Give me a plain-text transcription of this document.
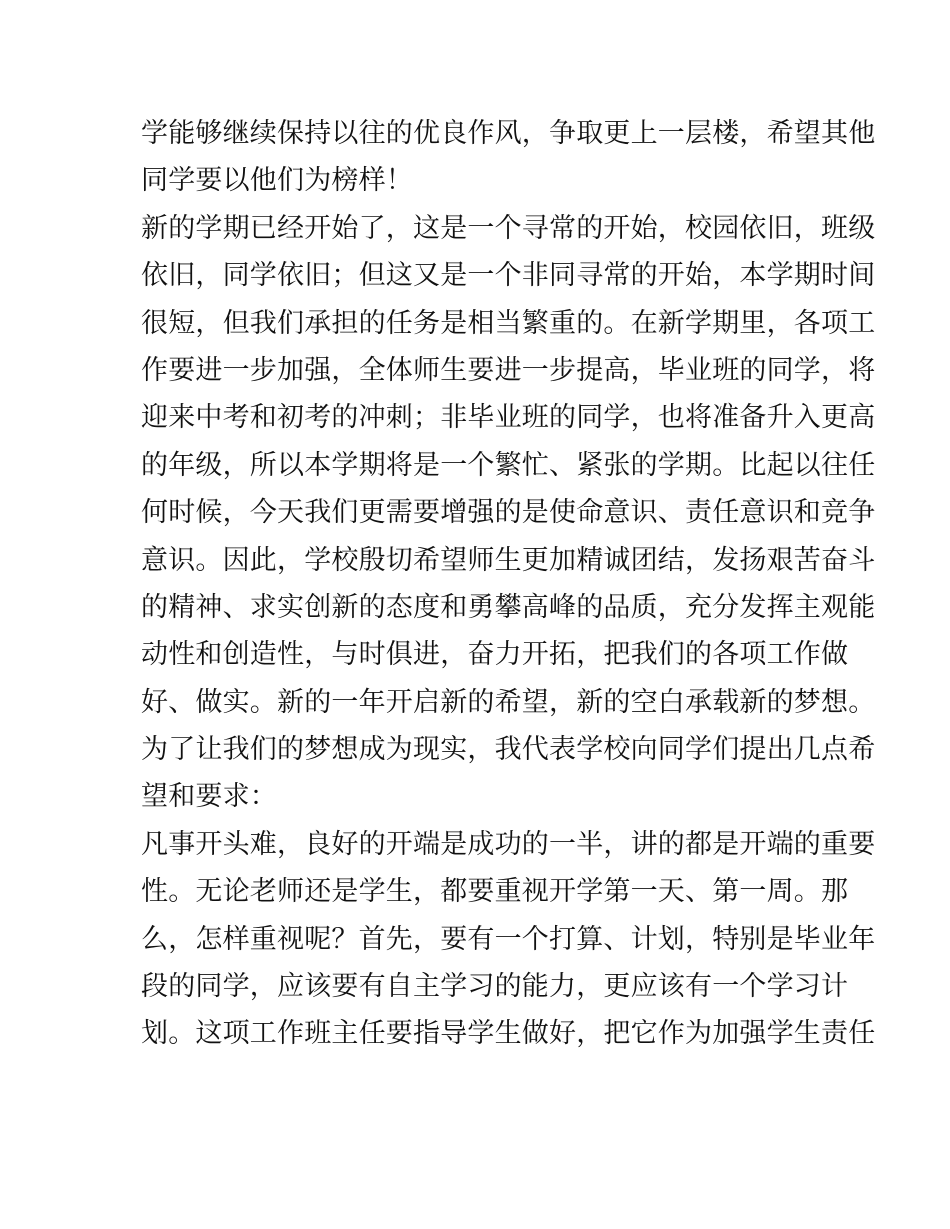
学能够继续保持以往的优良作风，争取更上一层楼，希望其他
同学要以他们为榜样！
新的学期已经开始了，这是一个寻常的开始，校园依旧，班级
依旧，同学依旧；但这又是一个非同寻常的开始，本学期时间
很短，但我们承担的任务是相当繁重的。在新学期里，各项工
作要进一步加强，全体师生要进一步提高，毕业班的同学，将
迎来中考和初考的冲刺；非毕业班的同学，也将准备升入更高
的年级，所以本学期将是一个繁忙、紧张的学期。比起以往任
何时候，今天我们更需要增强的是使命意识、责任意识和竞争
意识。因此，学校殷切希望师生更加精诚团结，发扬艰苦奋斗
的精神、求实创新的态度和勇攀高峰的品质，充分发挥主观能
动性和创造性，与时俱进，奋力开拓，把我们的各项工作做
好、做实。新的一年开启新的希望，新的空白承载新的梦想。
为了让我们的梦想成为现实，我代表学校向同学们提出几点希
望和要求：
凡事开头难，良好的开端是成功的一半，讲的都是开端的重要
性。无论老师还是学生，都要重视开学第一天、第一周。那
么，怎样重视呢？首先，要有一个打算、计划，特别是毕业年
段的同学，应该要有自主学习的能力，更应该有一个学习计
划。这项工作班主任要指导学生做好，把它作为加强学生责任
